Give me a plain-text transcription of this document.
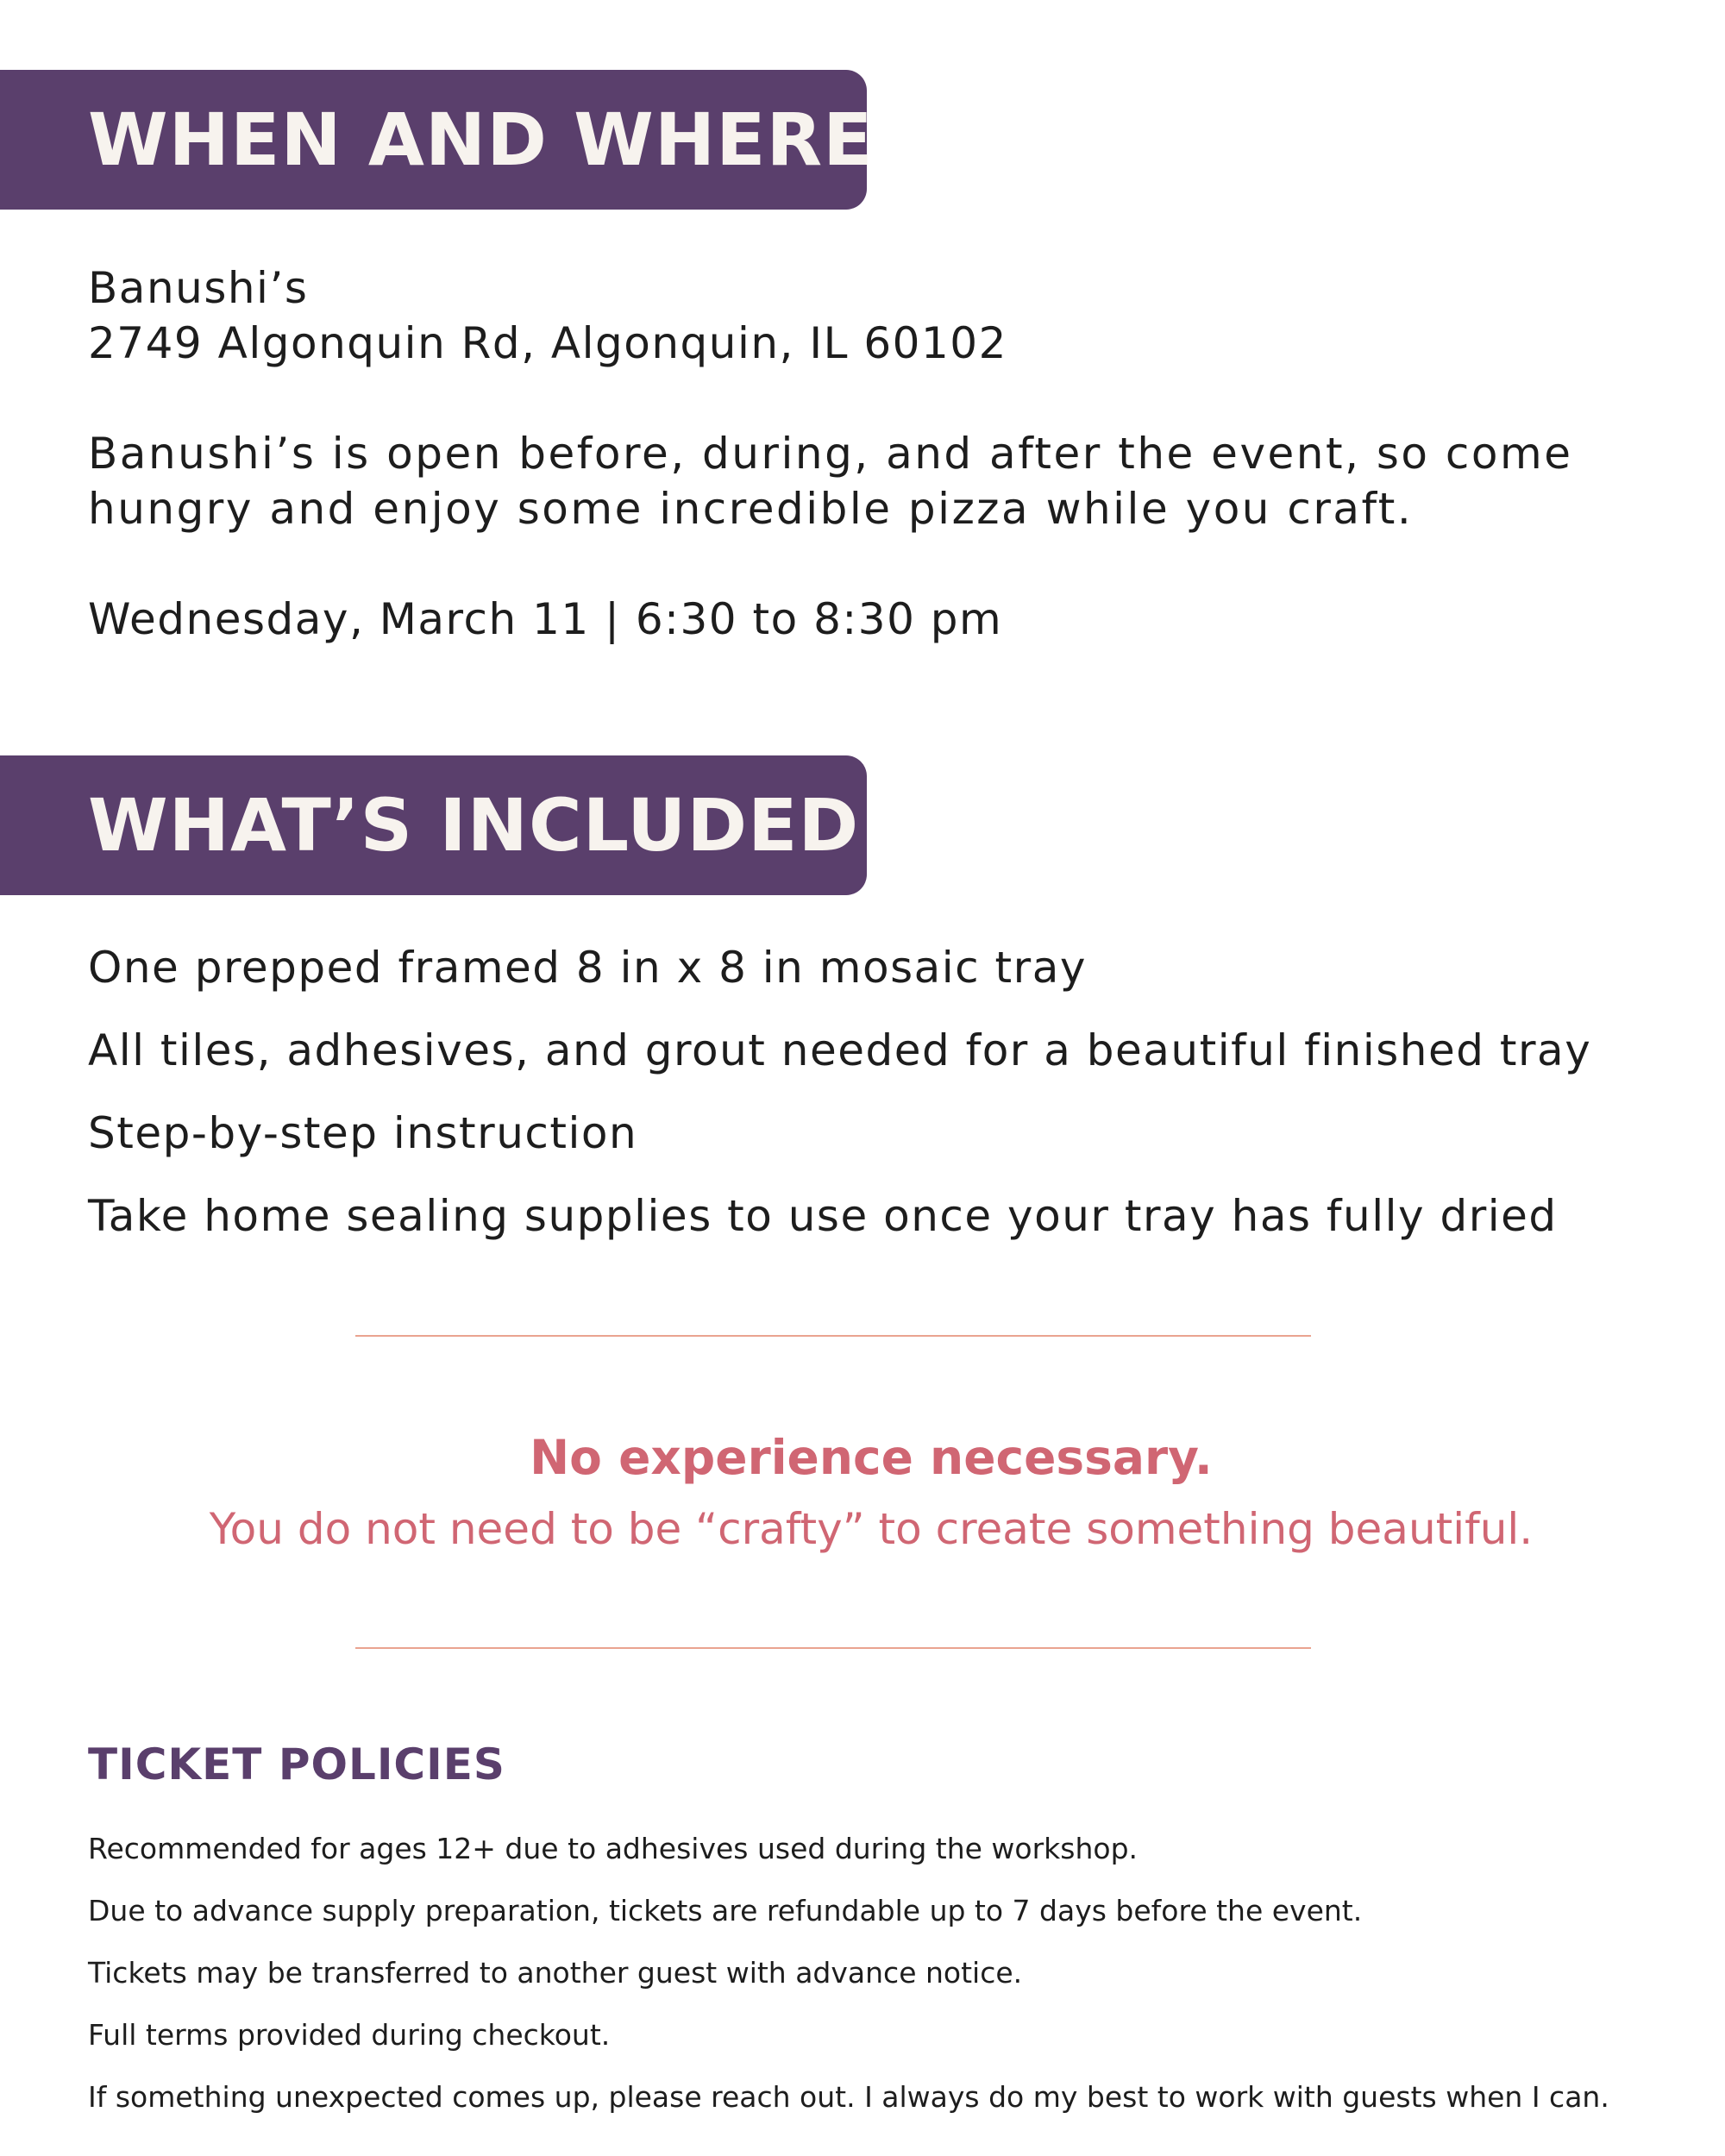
WHEN AND WHERE
Banushi’s
2749 Algonquin Rd, Algonquin, IL 60102
Banushi’s is open before, during, and after the event, so come hungry and enjoy some incredible pizza while you craft.
Wednesday, March 11 | 6:30 to 8:30 pm
WHAT’S INCLUDED
One prepped framed 8 in x 8 in mosaic tray
All tiles, adhesives, and grout needed for a beautiful finished tray
Step-by-step instruction
Take home sealing supplies to use once your tray has fully dried
No experience necessary.
You do not need to be “crafty” to create something beautiful.
TICKET POLICIES
Recommended for ages 12+ due to adhesives used during the workshop.
Due to advance supply preparation, tickets are refundable up to 7 days before the event.
Tickets may be transferred to another guest with advance notice.
Full terms provided during checkout.
If something unexpected comes up, please reach out. I always do my best to work with guests when I can.
